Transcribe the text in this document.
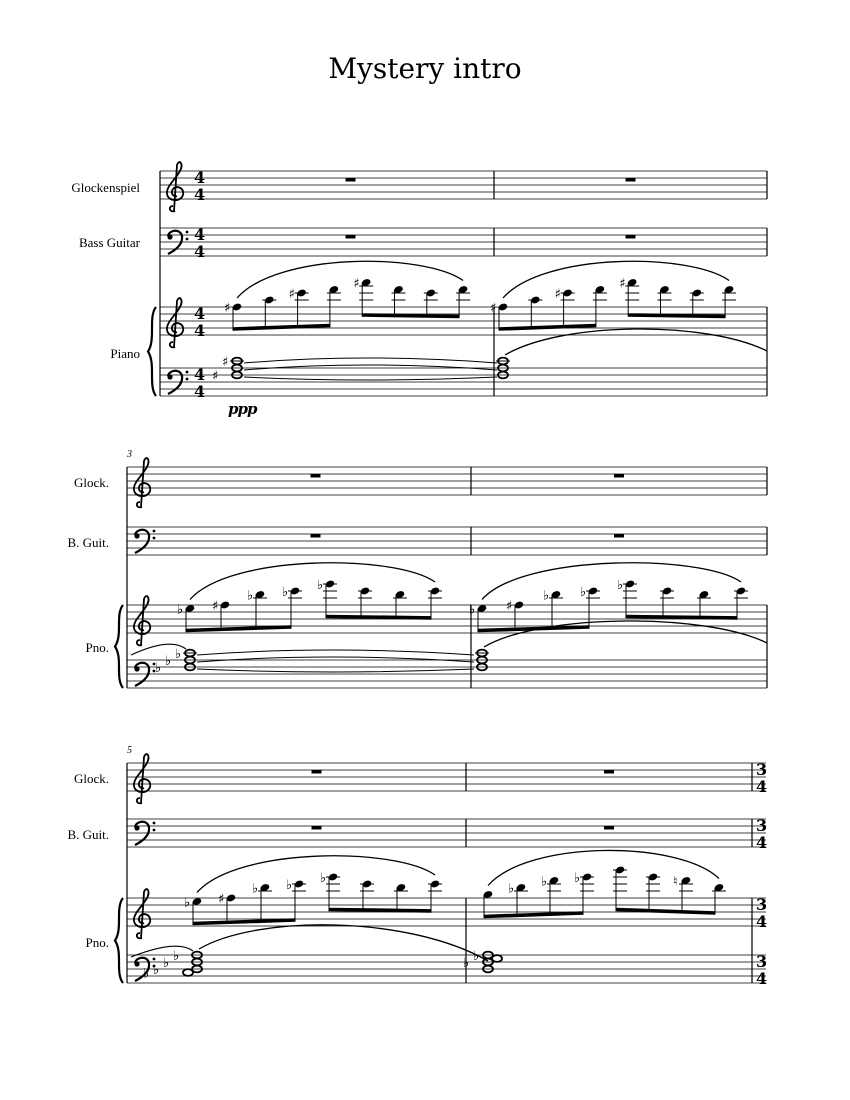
4
4
4
4
4
4
4
4
♯
♯
♯
♯
♯
♯
♯
♯
♭ ♯
♭ ♭ ♭
♭
♭
♭
♭ ♯
♭ ♭ ♭
3
4
3
4
3
4
3
4
♭ ♯
♭ ♭ ♭
♭
♭
♭
♭
♭ ♭ ♭	♮
♭
♭
Mystery intro
Glockenspiel
Bass Guitar
Piano
Glock.
B. Guit.
Pno.
Glock.
B. Guit.
Pno.
3
5
ppp
